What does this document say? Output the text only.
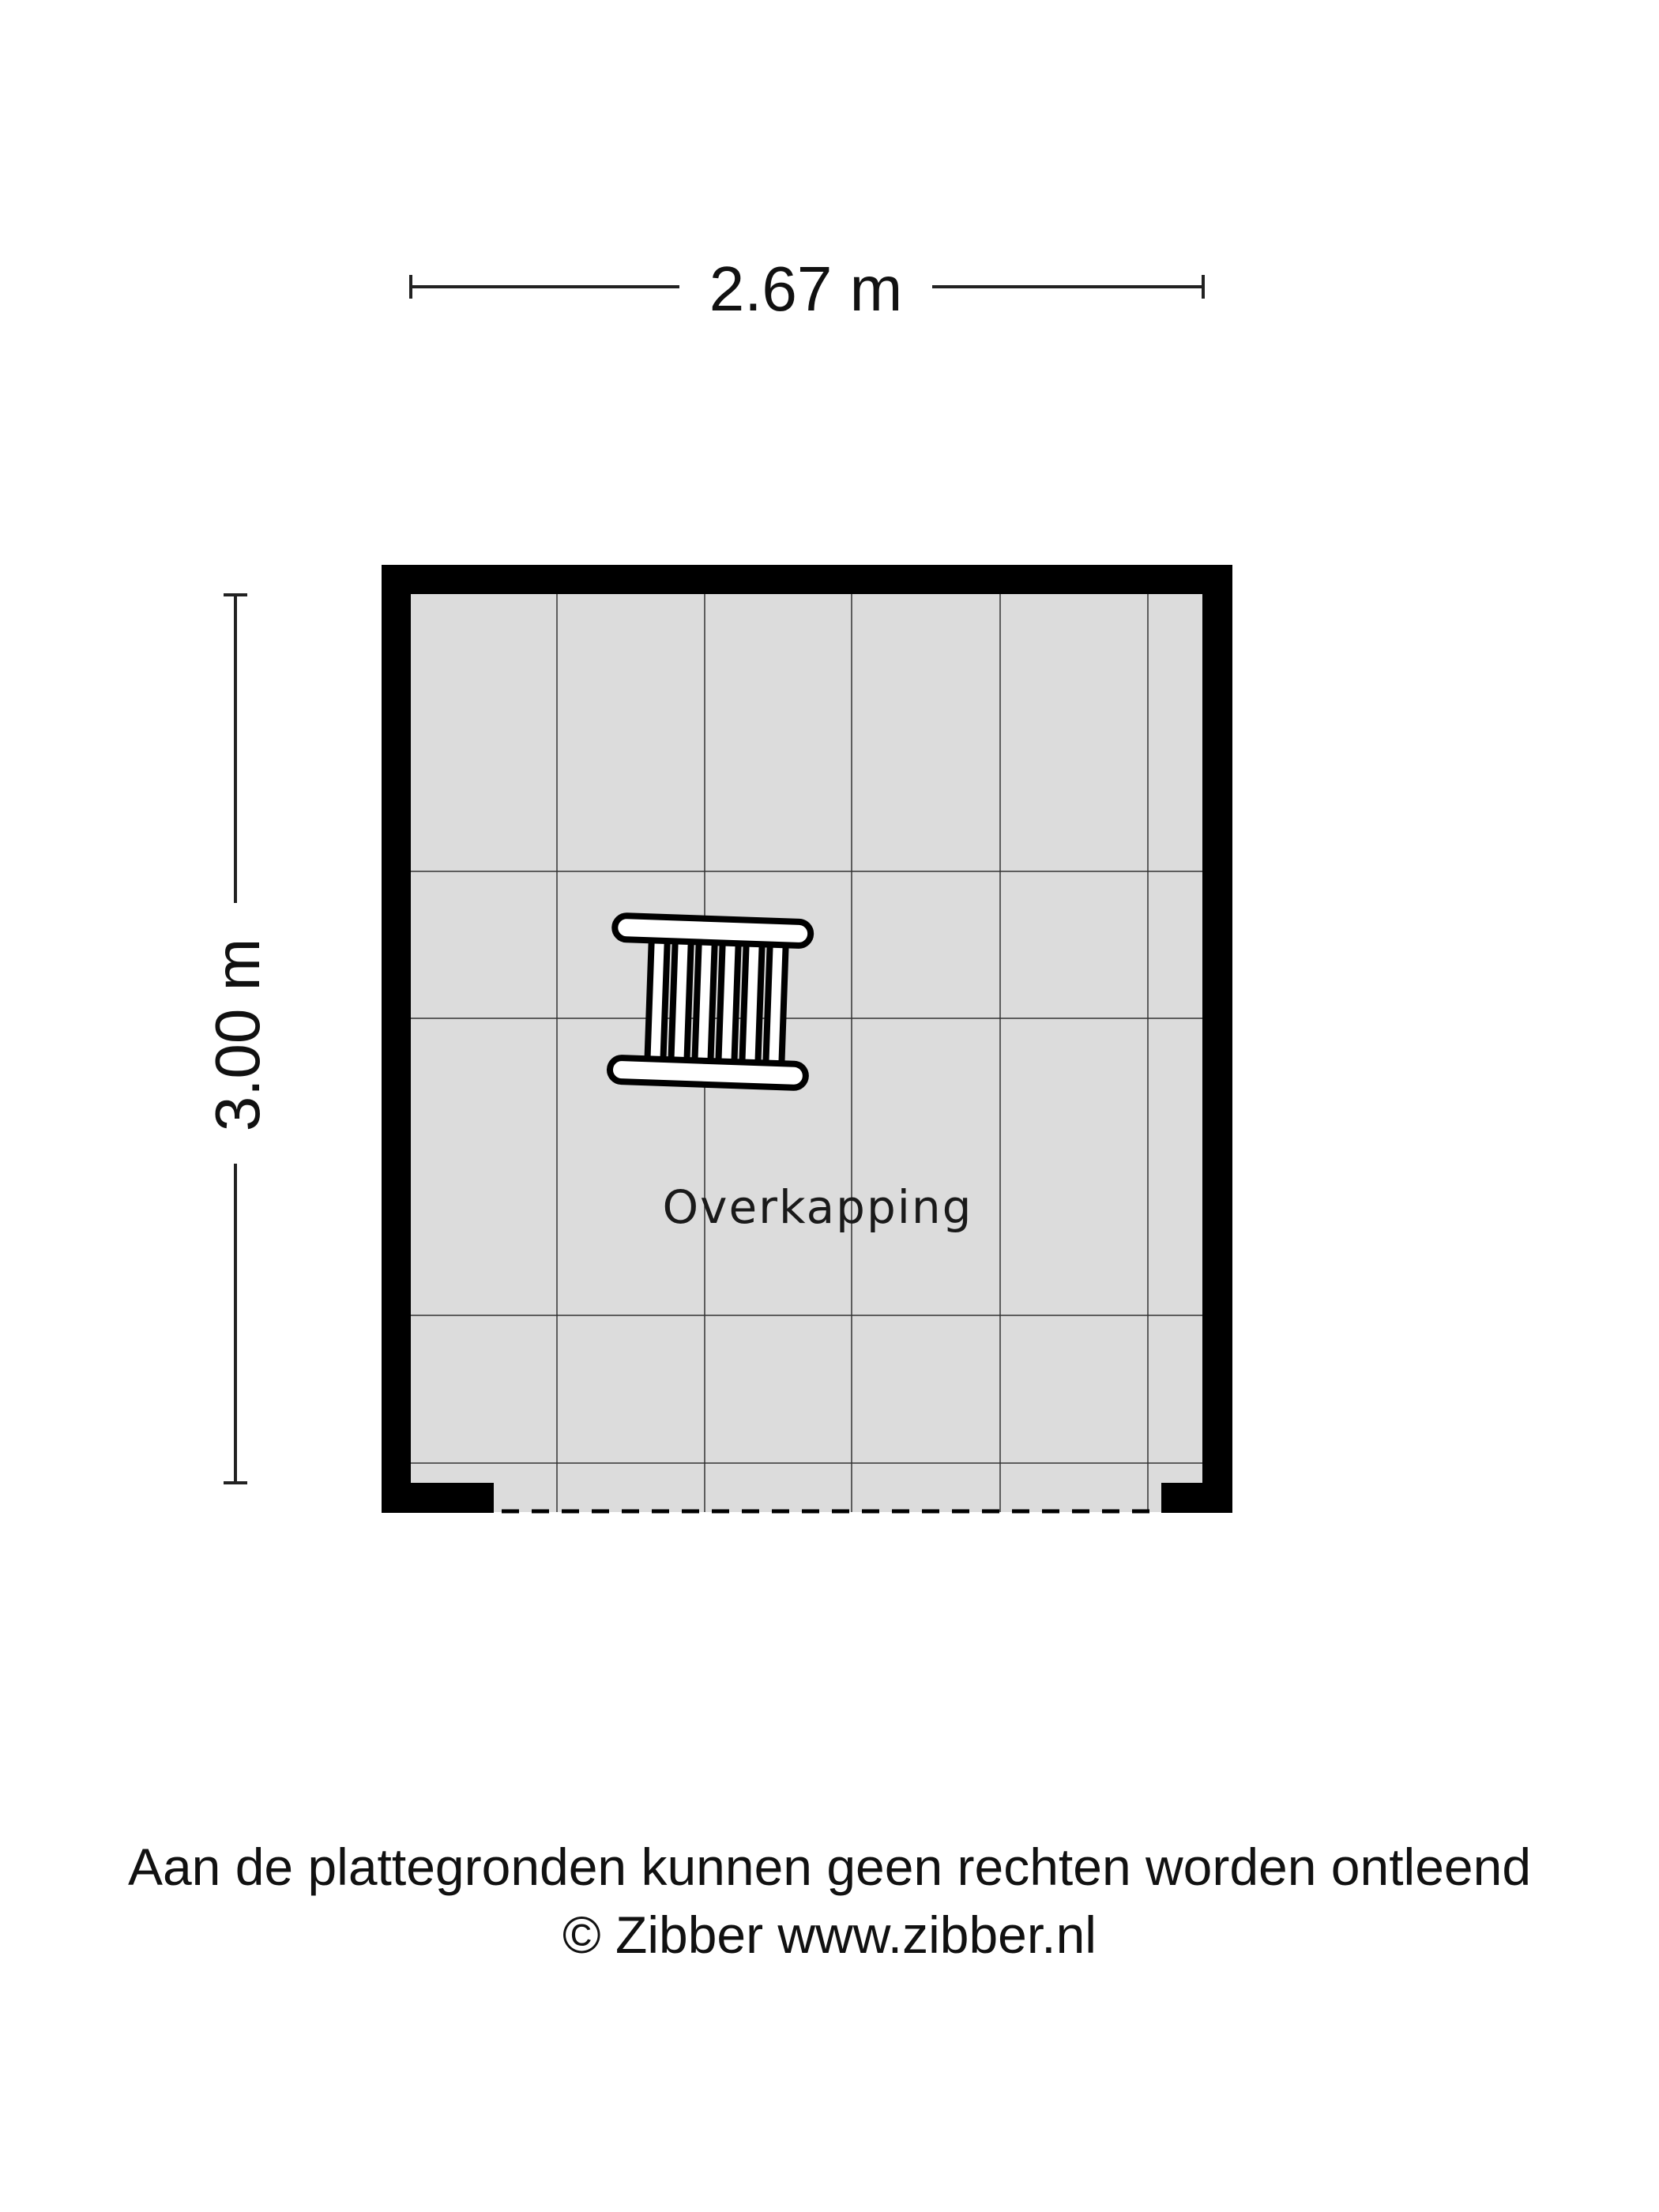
2.67 m
3.00 m
Overkapping
Aan de plattegronden kunnen geen rechten worden ontleend
© Zibber www.zibber.nl
